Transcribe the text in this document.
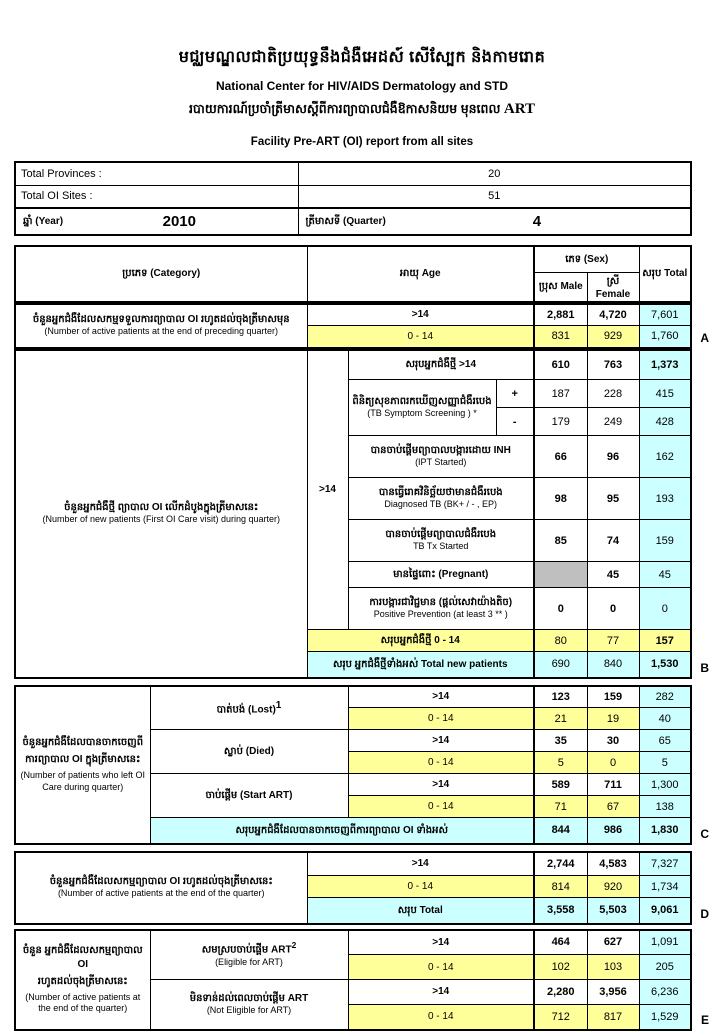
មជ្ឈមណ្ឌលជាតិប្រយុទ្ធនឹងជំងឺអេដស៍ សើស្បែក និងកាមរោគ
National Center for HIV/AIDS Dermatology and STD
របាយការណ៍ប្រចាំត្រីមាសស្តីពីការព្យាបាលជំងឺឱកាសនិយម មុនពេល ART
Facility Pre-ART (OI) report from all sites
Total Provinces :	20
Total OI Sites :	51

ឆ្នាំ (Year) 2010	ត្រីមាសទី (Quarter) 4
ប្រភេទ (Category)	អាយុ Age	ភេទ (Sex)		សរុប Total
		ប្រុស Male	ស្រី Female	
ចំនួនអ្នកជំងឺដែលសកម្មទទួលការព្យាបាល OI រហូតដល់ចុងត្រីមាសមុន
(Number of active patients at the end of preceding quarter)	>14	2,881	4,720	7,601
	0 - 14	831	929	1,760 A
ចំនួនអ្នកជំងឺថ្មី ព្យាបាល OI លើកដំបូងក្នុងត្រីមាសនេះ
(Number of new patients (First OI Care visit) during quarter)	>14	សរុបអ្នកជំងឺថ្មី >14		610	763	1,373

		ពិនិត្យសុខភាពរកឃើញសញ្ញាជំងឺរបេង
(TB Symptom Screening ) *	+	187	228	415
			-	179	249	428

		បានចាប់ផ្តើមព្យាបាលបង្ការដោយ INH
(IPT Started)		66	96	162

		បានធ្វើរោគវិនិច្ឆ័យថាមានជំងឺរបេង
Diagnosed TB (BK+ / - , EP)		98	95	193

		បានចាប់ផ្តើមព្យាបាលជំងឺរបេង
TB Tx Started		85	74	159
		មានផ្ទៃពោះ (Pregnant)			45	45

		ការបង្ការជាវិជ្ជមាន (ផ្តល់សេវាយ៉ាងតិច)
Positive Prevention (at least 3 ** )		0	0	0
	សរុបអ្នកជំងឺថ្មី 0 - 14			80	77	157
	សរុប អ្នកជំងឺថ្មីទាំងអស់ Total new patients			690	840	1,530 B
ចំនួនអ្នកជំងឺដែលបានចាកចេញពី
ការព្យាបាល OI ក្នុងត្រីមាសនេះ
(Number of patients who left OI Care during quarter)	បាត់បង់ (Lost)$^1$	>14	123	159	282
		0 - 14	21	19	40
	ស្លាប់ (Died)	>14	35	30	65
		0 - 14	5	0	5
	ចាប់ផ្តើម (Start ART)	>14	589	711	1,300
		0 - 14	71	67	138
	សរុបអ្នកជំងឺដែលបានចាកចេញពីការព្យាបាល OI ទាំងអស់		844	986	1,830 C
ចំនួនអ្នកជំងឺដែលសកម្មព្យាបាល OI រហូតដល់ចុងត្រីមាសនេះ
(Number of active patients at the end of the quarter)	>14	2,744	4,583	7,327
	0 - 14	814	920	1,734
	សរុប Total	3,558	5,503	9,061 D
ចំនួន អ្នកជំងឺដែលសកម្មព្យាបាល OI
រហូតដល់ចុងត្រីមាសនេះ
(Number of active patients at the end of the quarter)

សមស្របចាប់ផ្តើម ART$^2$
(Eligible for ART)
	>14	464	627	1,091
		0 - 14	102	103	205

	មិនទាន់ដល់ពេលចាប់ផ្តើម ART
(Not Eligible for ART)	>14	2,280	3,956	6,236
		0 - 14	712	817	1,529 E
